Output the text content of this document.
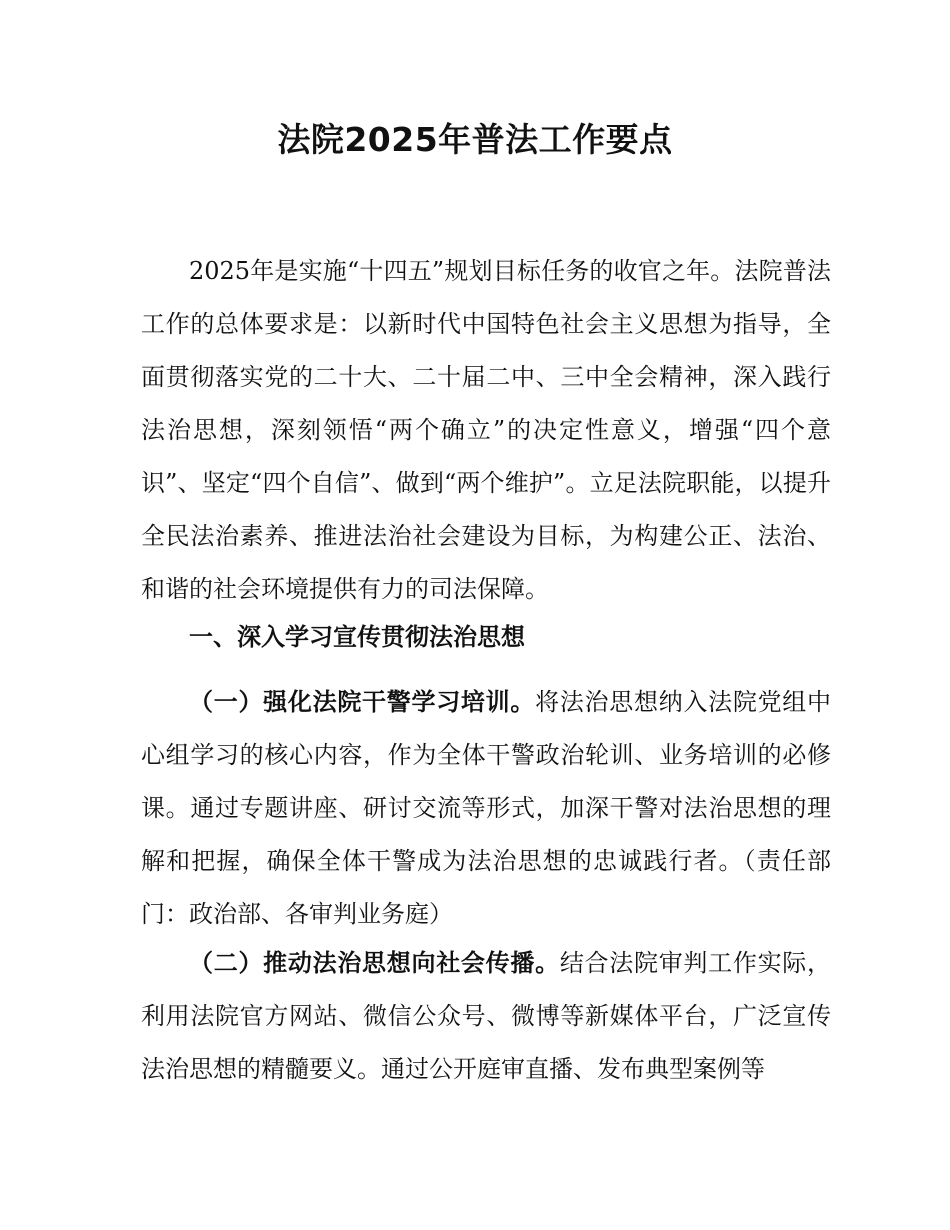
法院2025年普法工作要点

2025年是实施“十四五”规划目标任务的收官之年。法院普法工作的总体要求是：以新时代中国特色社会主义思想为指导，全面贯彻落实党的二十大、二十届二中、三中全会精神，深入践行法治思想，深刻领悟“两个确立”的决定性意义，增强“四个意识”、坚定“四个自信”、做到“两个维护”。立足法院职能，以提升全民法治素养、推进法治社会建设为目标，为构建公正、法治、和谐的社会环境提供有力的司法保障。

一、深入学习宣传贯彻法治思想

（一）强化法院干警学习培训。将法治思想纳入法院党组中心组学习的核心内容，作为全体干警政治轮训、业务培训的必修课。通过专题讲座、研讨交流等形式，加深干警对法治思想的理解和把握，确保全体干警成为法治思想的忠诚践行者。（责任部门：政治部、各审判业务庭）

（二）推动法治思想向社会传播。结合法院审判工作实际，利用法院官方网站、微信公众号、微博等新媒体平台，广泛宣传法治思想的精髓要义。通过公开庭审直播、发布典型案例等
